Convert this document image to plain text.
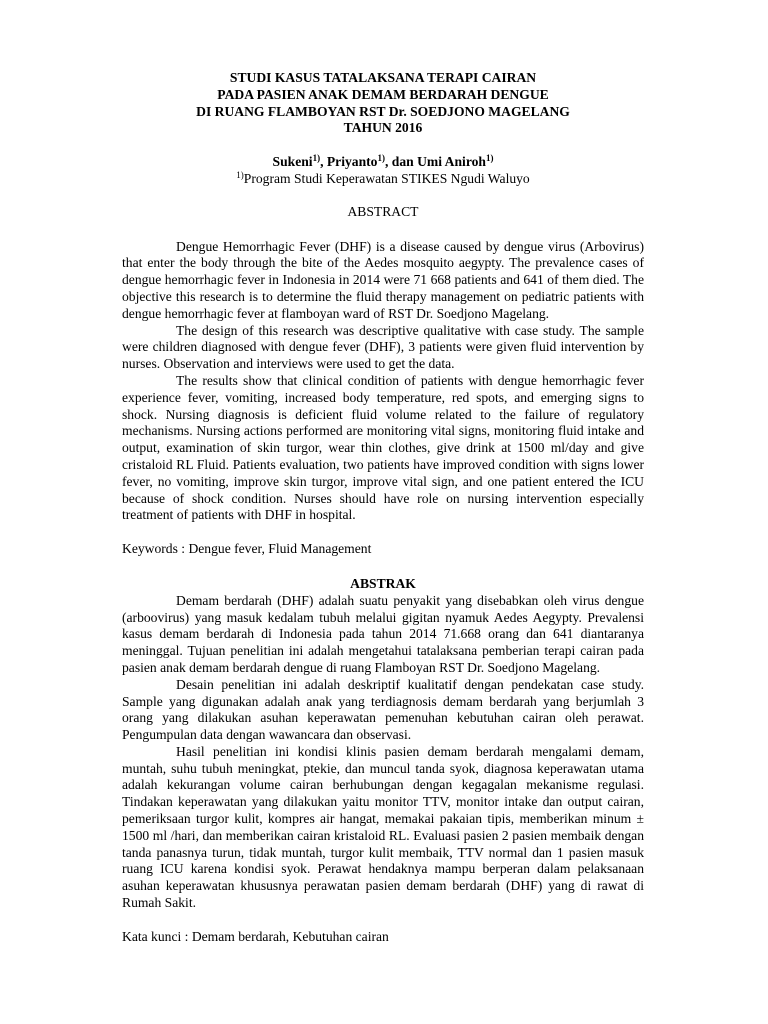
STUDI KASUS TATALAKSANA TERAPI CAIRAN
PADA PASIEN ANAK DEMAM BERDARAH DENGUE
DI RUANG FLAMBOYAN RST Dr. SOEDJONO MAGELANG
TAHUN 2016
Sukeni$^{1)}$, Priyanto$^{1)}$, dan Umi Aniroh$^{1)}$
$^{1)}$Program Studi Keperawatan STIKES Ngudi Waluyo
ABSTRACT

Dengue Hemorrhagic Fever (DHF) is a disease caused by dengue virus (Arbovirus) that enter the body through the bite of the Aedes mosquito aegypty. The prevalence cases of dengue hemorrhagic fever in Indonesia in 2014 were 71 668 patients and 641 of them died. The objective this research is to determine the fluid therapy management on pediatric patients with dengue hemorrhagic fever at flamboyan ward of RST Dr. Soedjono Magelang.

The design of this research was descriptive qualitative with case study. The sample were children diagnosed with dengue fever (DHF), 3 patients were given fluid intervention by nurses. Observation and interviews were used to get the data.

The results show that clinical condition of patients with dengue hemorrhagic fever experience fever, vomiting, increased body temperature, red spots, and emerging signs to shock. Nursing diagnosis is deficient fluid volume related to the failure of regulatory mechanisms. Nursing actions performed are monitoring vital signs, monitoring fluid intake and output, examination of skin turgor, wear thin clothes, give drink at 1500 ml/day and give cristaloid RL Fluid. Patients evaluation, two patients have improved condition with signs lower fever, no vomiting, improve skin turgor, improve vital sign, and one patient entered the ICU because of shock condition. Nurses should have role on nursing intervention especially treatment of patients with DHF in hospital.

Keywords : Dengue fever, Fluid Management

ABSTRAK

Demam berdarah (DHF) adalah suatu penyakit yang disebabkan oleh virus dengue (arboovirus) yang masuk kedalam tubuh melalui gigitan nyamuk Aedes Aegypty. Prevalensi kasus demam berdarah di Indonesia pada tahun 2014 71.668 orang dan 641 diantaranya meninggal. Tujuan penelitian ini adalah mengetahui tatalaksana pemberian terapi cairan pada pasien anak demam berdarah dengue di ruang Flamboyan RST Dr. Soedjono Magelang.

Desain penelitian ini adalah deskriptif kualitatif dengan pendekatan case study. Sample yang digunakan adalah anak yang terdiagnosis demam berdarah yang berjumlah 3 orang yang dilakukan asuhan keperawatan pemenuhan kebutuhan cairan oleh perawat. Pengumpulan data dengan wawancara dan observasi.

Hasil penelitian ini kondisi klinis pasien demam berdarah mengalami demam, muntah, suhu tubuh meningkat, ptekie, dan muncul tanda syok, diagnosa keperawatan utama adalah kekurangan volume cairan berhubungan dengan kegagalan mekanisme regulasi. Tindakan keperawatan yang dilakukan yaitu monitor TTV, monitor intake dan output cairan, pemeriksaan turgor kulit, kompres air hangat, memakai pakaian tipis, memberikan minum ± 1500 ml /hari, dan memberikan cairan kristaloid RL. Evaluasi pasien 2 pasien membaik dengan tanda panasnya turun, tidak muntah, turgor kulit membaik, TTV normal dan 1 pasien masuk ruang ICU karena kondisi syok. Perawat hendaknya mampu berperan dalam pelaksanaan asuhan keperawatan khususnya perawatan pasien demam berdarah (DHF) yang di rawat di Rumah Sakit.

Kata kunci : Demam berdarah, Kebutuhan cairan
